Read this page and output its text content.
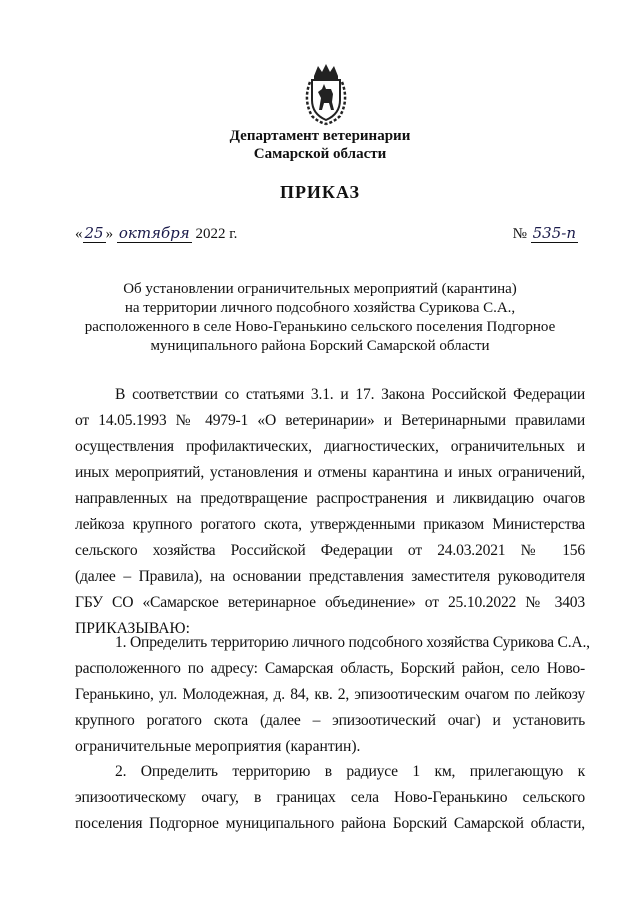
Департамент ветеринарии
Самарской области
ПРИКАЗ
« 25 » октября 2022 г.	№ 535-п
Об установлении ограничительных мероприятий (карантина)
на территории личного подсобного хозяйства Сурикова С.А.,
расположенного в селе Ново-Геранькино сельского поселения Подгорное
муниципального района Борский Самарской области
В соответствии со статьями 3.1. и 17. Закона Российской Федерации
от 14.05.1993 № 4979-1 «О ветеринарии» и Ветеринарными правилами
осуществления профилактических, диагностических, ограничительных и
иных мероприятий, установления и отмены карантина и иных ограничений,
направленных на предотвращение распространения и ликвидацию очагов
лейкоза крупного рогатого скота, утвержденными приказом Министерства
сельского хозяйства Российской Федерации от 24.03.2021 № 156
(далее – Правила), на основании представления заместителя руководителя
ГБУ СО «Самарское ветеринарное объединение» от 25.10.2022 № 3403
ПРИКАЗЫВАЮ:
1. Определить территорию личного подсобного хозяйства Сурикова С.А.,
расположенного по адресу: Самарская область, Борский район, село Ново-
Геранькино, ул. Молодежная, д. 84, кв. 2, эпизоотическим очагом по лейкозу
крупного рогатого скота (далее – эпизоотический очаг) и установить
ограничительные мероприятия (карантин).
2. Определить территорию в радиусе 1 км, прилегающую к
эпизоотическому очагу, в границах села Ново-Геранькино сельского
поселения Подгорное муниципального района Борский Самарской области,
